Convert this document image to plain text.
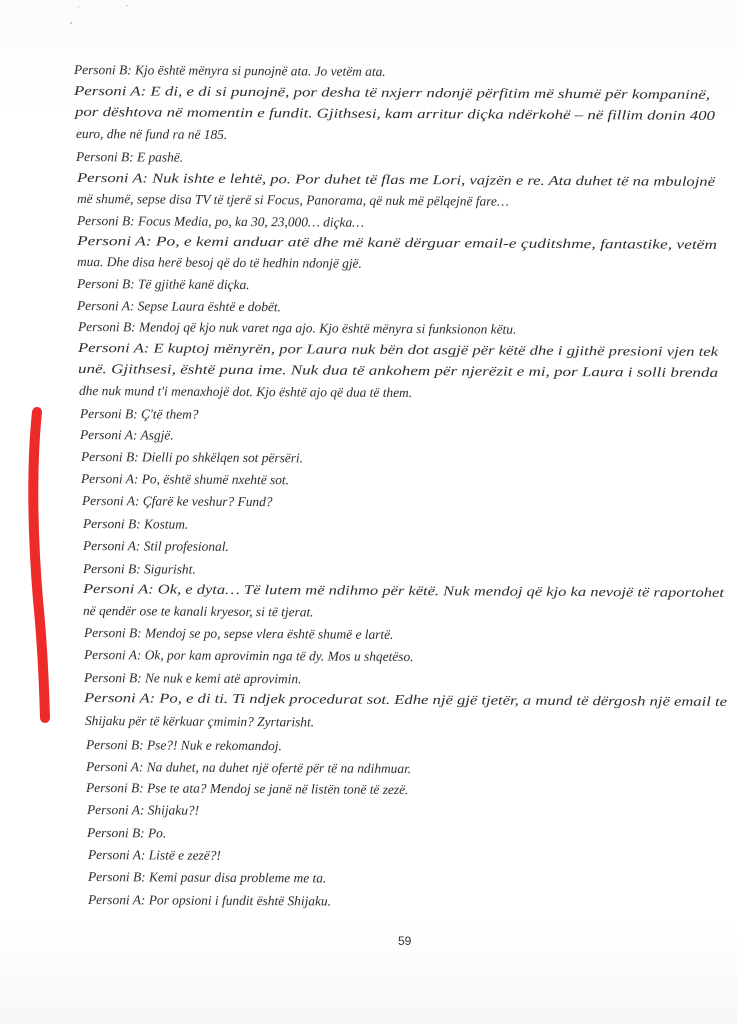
Personi B: Kjo është mënyra si punojnë ata. Jo vetëm ata.
Personi A: E di, e di si punojnë, por desha të nxjerr ndonjë përfitim më shumë për kompaninë,
por dështova në momentin e fundit. Gjithsesi, kam arritur diçka ndërkohë – në fillim donin 400
euro, dhe në fund ra në 185.
Personi B: E pashë.
Personi A: Nuk ishte e lehtë, po. Por duhet të flas me Lori, vajzën e re. Ata duhet të na mbulojnë
më shumë, sepse disa TV të tjerë si Focus, Panorama, që nuk më pëlqejnë fare…
Personi B: Focus Media, po, ka 30, 23,000… diçka…
Personi A: Po, e kemi anduar atë dhe më kanë dërguar email-e çuditshme, fantastike, vetëm
mua. Dhe disa herë besoj që do të hedhin ndonjë gjë.
Personi B: Të gjithë kanë diçka.
Personi A: Sepse Laura është e dobët.
Personi B: Mendoj që kjo nuk varet nga ajo. Kjo është mënyra si funksionon këtu.
Personi A: E kuptoj mënyrën, por Laura nuk bën dot asgjë për këtë dhe i gjithë presioni vjen tek
unë. Gjithsesi, është puna ime. Nuk dua të ankohem për njerëzit e mi, por Laura i solli brenda
dhe nuk mund t'i menaxhojë dot. Kjo është ajo që dua të them.
Personi B: Ç'të them?
Personi A: Asgjë.
Personi B: Dielli po shkëlqen sot përsëri.
Personi A: Po, është shumë nxehtë sot.
Personi A: Çfarë ke veshur? Fund?
Personi B: Kostum.
Personi A: Stil profesional.
Personi B: Sigurisht.
Personi A: Ok, e dyta… Të lutem më ndihmo për këtë. Nuk mendoj që kjo ka nevojë të raportohet
në qendër ose te kanali kryesor, si të tjerat.
Personi B: Mendoj se po, sepse vlera është shumë e lartë.
Personi A: Ok, por kam aprovimin nga të dy. Mos u shqetëso.
Personi B: Ne nuk e kemi atë aprovimin.
Personi A: Po, e di ti. Ti ndjek procedurat sot. Edhe një gjë tjetër, a mund të dërgosh një email te
Shijaku për të kërkuar çmimin? Zyrtarisht.
Personi B: Pse?! Nuk e rekomandoj.
Personi A: Na duhet, na duhet një ofertë për të na ndihmuar.
Personi B: Pse te ata? Mendoj se janë në listën tonë të zezë.
Personi A: Shijaku?!
Personi B: Po.
Personi A: Listë e zezë?!
Personi B: Kemi pasur disa probleme me ta.
Personi A: Por opsioni i fundit është Shijaku.
59
